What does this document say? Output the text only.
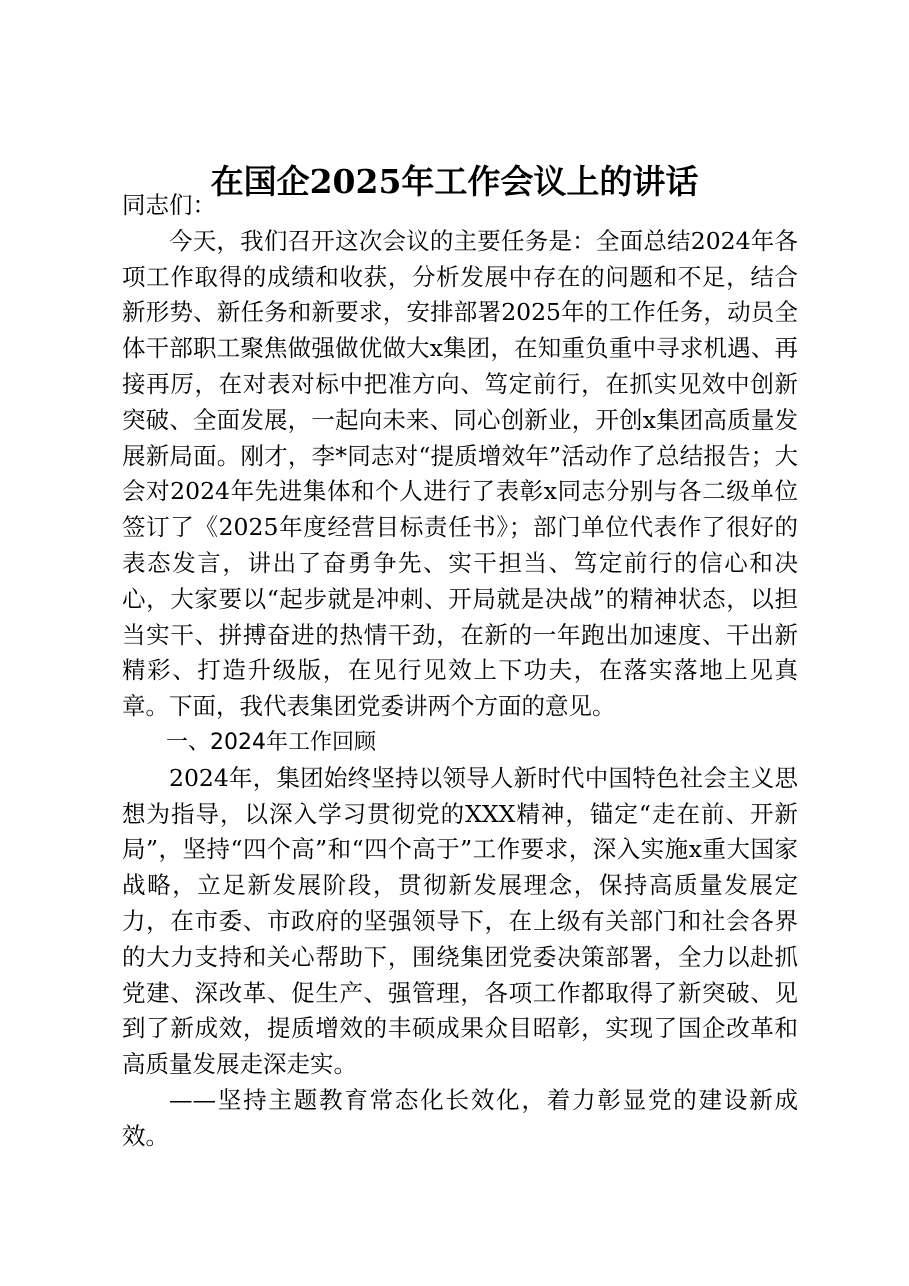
在国企2025年工作会议上的讲话

同志们：

今天，我们召开这次会议的主要任务是：全面总结2024年各项工作取得的成绩和收获，分析发展中存在的问题和不足，结合新形势、新任务和新要求，安排部署2025年的工作任务，动员全体干部职工聚焦做强做优做大x集团，在知重负重中寻求机遇、再接再厉，在对表对标中把准方向、笃定前行，在抓实见效中创新突破、全面发展，一起向未来、同心创新业，开创x集团高质量发展新局面。刚才，李*同志对“提质增效年”活动作了总结报告；大会对2024年先进集体和个人进行了表彰x同志分别与各二级单位签订了《2025年度经营目标责任书》；部门单位代表作了很好的表态发言，讲出了奋勇争先、实干担当、笃定前行的信心和决心，大家要以“起步就是冲刺、开局就是决战”的精神状态，以担当实干、拼搏奋进的热情干劲，在新的一年跑出加速度、干出新精彩、打造升级版，在见行见效上下功夫，在落实落地上见真章。下面，我代表集团党委讲两个方面的意见。

一、2024年工作回顾

2024年，集团始终坚持以领导人新时代中国特色社会主义思想为指导，以深入学习贯彻党的XXX精神，锚定“走在前、开新局”，坚持“四个高”和“四个高于”工作要求，深入实施x重大国家战略，立足新发展阶段，贯彻新发展理念，保持高质量发展定力，在市委、市政府的坚强领导下，在上级有关部门和社会各界的大力支持和关心帮助下，围绕集团党委决策部署，全力以赴抓党建、深改革、促生产、强管理，各项工作都取得了新突破、见到了新成效，提质增效的丰硕成果众目昭彰，实现了国企改革和高质量发展走深走实。

——坚持主题教育常态化长效化，着力彰显党的建设新成效。
